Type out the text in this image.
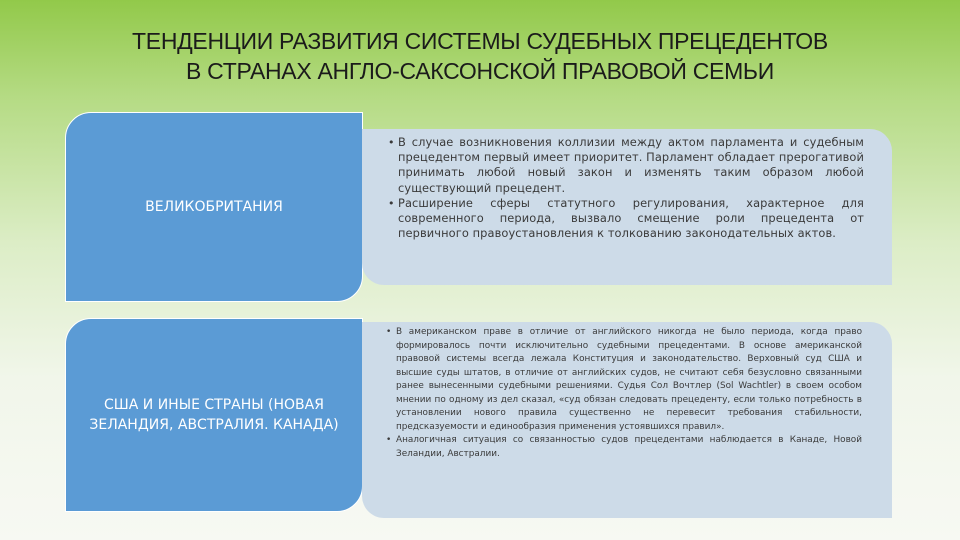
ТЕНДЕНЦИИ РАЗВИТИЯ СИСТЕМЫ СУДЕБНЫХ ПРЕЦЕДЕНТОВ
В СТРАНАХ АНГЛО-САКСОНСКОЙ ПРАВОВОЙ СЕМЬИ
ВЕЛИКОБРИТАНИЯ
• В случае возникновения коллизии между актом парламента и судебным прецедентом первый имеет приоритет. Парламент обладает прерогативой принимать любой новый закон и изменять таким образом любой существующий прецедент.
• Расширение сферы статутного регулирования, характерное для современного периода, вызвало смещение роли прецедента от первичного правоустановления к толкованию законодательных актов.
США И ИНЫЕ СТРАНЫ (НОВАЯ ЗЕЛАНДИЯ, АВСТРАЛИЯ. КАНАДА)
• В американском праве в отличие от английского никогда не было периода, когда право формировалось почти исключительно судебными прецедентами. В основе американской правовой системы всегда лежала Конституция и законодательство. Верховный суд США и высшие суды штатов, в отличие от английских судов, не считают себя безусловно связанными ранее вынесенными судебными решениями. Судья Сол Вочтлер (Sol Wachtler) в своем особом мнении по одному из дел сказал, «суд обязан следовать прецеденту, если только потребность в установлении нового правила существенно не перевесит требования стабильности, предсказуемости и единообразия применения устоявшихся правил».
• Аналогичная ситуация со связанностью судов прецедентами наблюдается в Канаде, Новой Зеландии, Австралии.
